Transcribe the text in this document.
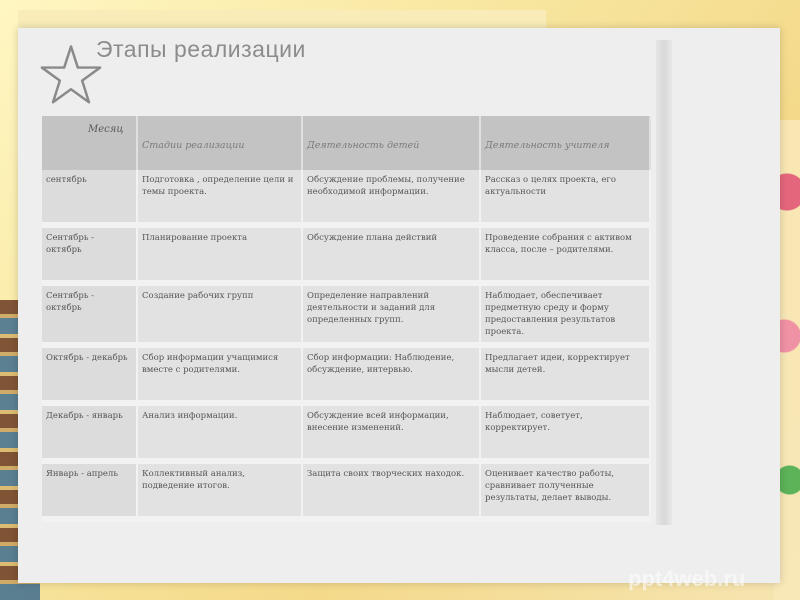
Этапы реализации
Месяц	Стадии реализации	Деятельность детей	Деятельность учителя
сентябрь	Подготовка , определение цели и темы проекта.	Обсуждение проблемы, получение необходимой информации.	Рассказ о целях проекта, его актуальности
Сентябрь - октябрь	Планирование проекта	Обсуждение плана действий	Проведение собрания с активом класса, после – родителями.
Сентябрь - октябрь	Создание рабочих групп	Определение направлений деятельности и заданий для определенных групп.	Наблюдает, обеспечивает предметную среду и форму предоставления результатов проекта.
Октябрь - декабрь	Сбор информации учащимися вместе с родителями.	Сбор информации: Наблюдение, обсуждение, интервью.	Предлагает идеи, корректирует мысли детей.
Декабрь - январь	Анализ информации.	Обсуждение всей информации, внесение изменений.	Наблюдает, советует, корректирует.
Январь - апрель	Коллективный анализ, подведение итогов.	Защита своих творческих находок.	Оценивает качество работы, сравнивает полученные результаты, делает выводы.
ppt4web.ru
